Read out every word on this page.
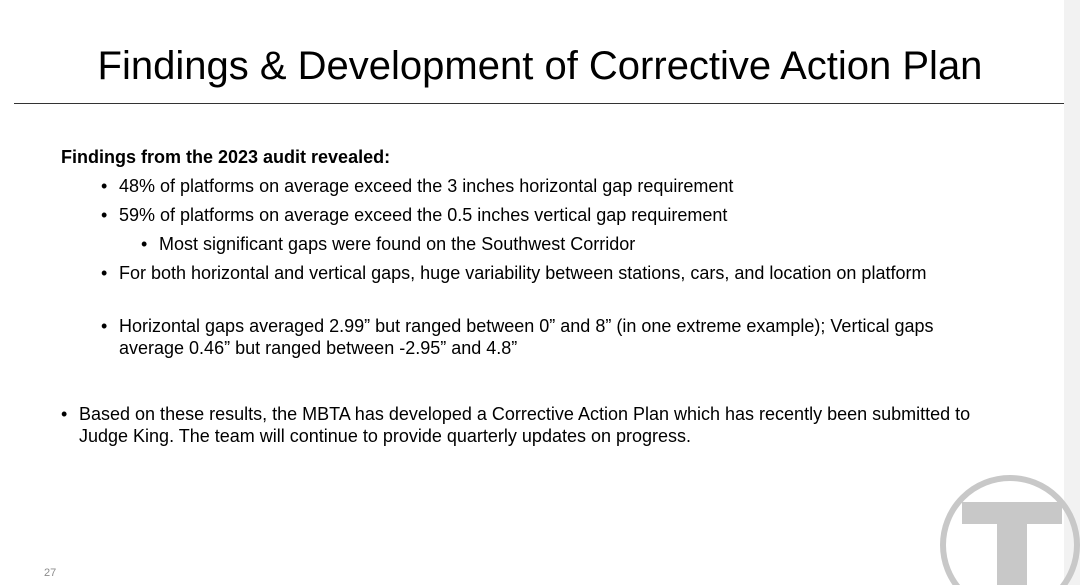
Findings & Development of Corrective Action Plan
Findings from the 2023 audit revealed:
• 48% of platforms on average exceed the 3 inches horizontal gap requirement
• 59% of platforms on average exceed the 0.5 inches vertical gap requirement
• Most significant gaps were found on the Southwest Corridor
• For both horizontal and vertical gaps, huge variability between stations, cars, and location on platform
• Horizontal gaps averaged 2.99” but ranged between 0” and 8” (in one extreme example); Vertical gaps average 0.46” but ranged between -2.95” and 4.8”
• Based on these results, the MBTA has developed a Corrective Action Plan which has recently been submitted to Judge King. The team will continue to provide quarterly updates on progress.
27
